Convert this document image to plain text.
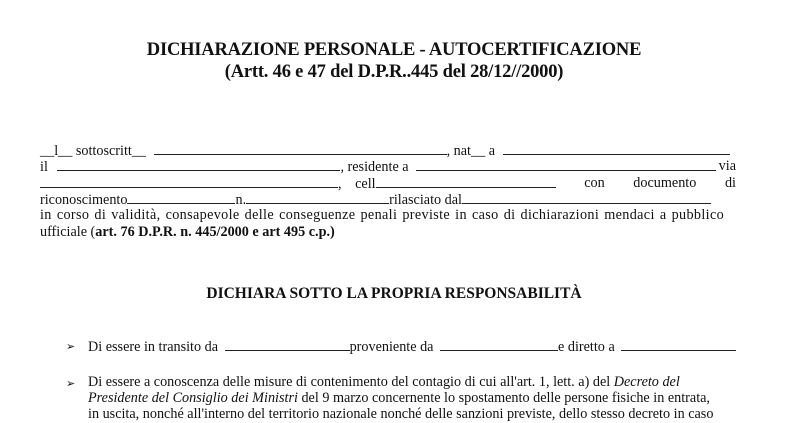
DICHIARAZIONE PERSONALE - AUTOCERTIFICAZIONE
(Artt. 46 e 47 del D.P.R..445 del 28/12//2000)
__l__ sottoscritt__	, nat__ a
il	, residente a	via
, cell	con documento di
riconoscimento	n.	rilasciato dal
in corso di validità, consapevole delle conseguenze penali previste in caso di dichiarazioni mendaci a pubblico
ufficiale (art. 76 D.P.R. n. 445/2000 e art 495 c.p.)
DICHIARA SOTTO LA PROPRIA RESPONSABILITÀ
➢ Di essere in transito da	proveniente da	e diretto a
➢ Di essere a conoscenza delle misure di contenimento del contagio di cui all'art. 1, lett. a) del Decreto del
Presidente del Consiglio dei Ministri del 9 marzo concernente lo spostamento delle persone fisiche in entrata,
in uscita, nonché all'interno del territorio nazionale nonché delle sanzioni previste, dello stesso decreto in caso
